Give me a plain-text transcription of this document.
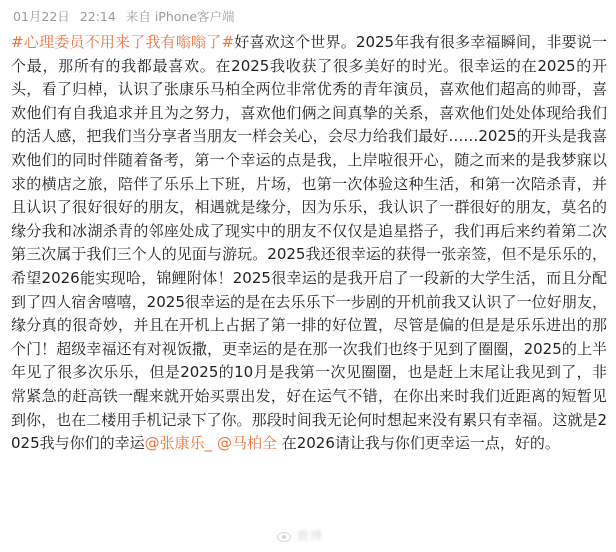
01月22日 22:14 来自 iPhone客户端
#心理委员不用来了我有嗡嗡了#好喜欢这个世界。2025年我有很多幸福瞬间，非要说一个最，那所有的我都最喜欢。在2025我收获了很多美好的时光。很幸运的在2025的开头，看了归棹，认识了张康乐马柏全两位非常优秀的青年演员，喜欢他们超高的帅哥，喜欢他们有自我追求并且为之努力，喜欢他们俩之间真挚的关系，喜欢他们处处体现给我们的活人感，把我们当分享者当朋友一样会关心，会尽力给我们最好……2025的开头是我喜欢他们的同时伴随着备考，第一个幸运的点是我，上岸啦很开心，随之而来的是我梦寐以求的横店之旅，陪伴了乐乐上下班，片场，也第一次体验这种生活，和第一次陪杀青，并且认识了很好很好的朋友，相遇就是缘分，因为乐乐，我认识了一群很好的朋友，莫名的缘分我和冰湖杀青的邻座处成了现实中的朋友不仅仅是追星搭子，我们再后来约着第二次第三次属于我们三个人的见面与游玩。2025我还很幸运的获得一张亲签，但不是乐乐的，希望2026能实现哈，锦鲤附体！2025很幸运的是我开启了一段新的大学生活，而且分配到了四人宿舍嘻嘻，2025很幸运的是在去乐乐下一步剧的开机前我又认识了一位好朋友，缘分真的很奇妙，并且在开机上占据了第一排的好位置，尽管是偏的但是是乐乐进出的那个门！超级幸福还有对视饭撒，更幸运的是在那一次我们也终于见到了圈圈，2025的上半年见了很多次乐乐，但是2025的10月是我第一次见圈圈，也是赶上末尾让我见到了，非常紧急的赶高铁一醒来就开始买票出发，好在运气不错，在你出来时我们近距离的短暂见到你，也在二楼用手机记录下了你。那段时间我无论何时想起来没有累只有幸福。这就是2025我与你们的幸运@张康乐_ @马柏全 在2026请让我与你们更幸运一点，好的。
微博
